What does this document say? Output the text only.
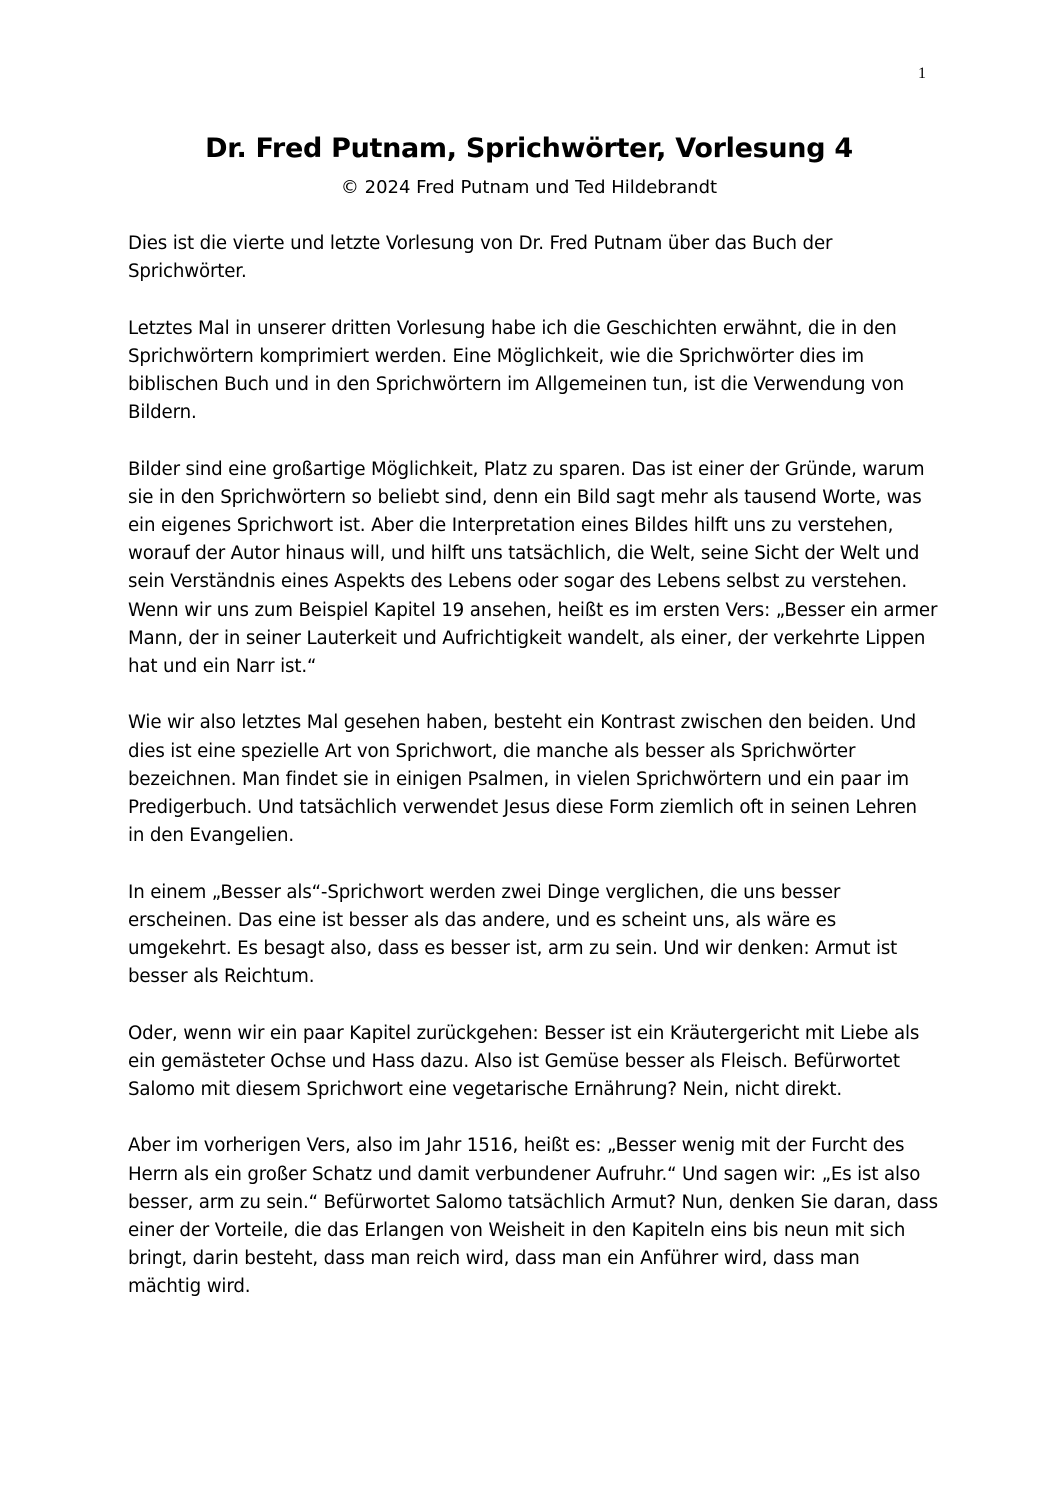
1
Dr. Fred Putnam, Sprichwörter, Vorlesung 4
© 2024 Fred Putnam und Ted Hildebrandt

Dies ist die vierte und letzte Vorlesung von Dr. Fred Putnam über das Buch der Sprichwörter.

Letztes Mal in unserer dritten Vorlesung habe ich die Geschichten erwähnt, die in den Sprichwörtern komprimiert werden. Eine Möglichkeit, wie die Sprichwörter dies im biblischen Buch und in den Sprichwörtern im Allgemeinen tun, ist die Verwendung von Bildern.

Bilder sind eine großartige Möglichkeit, Platz zu sparen. Das ist einer der Gründe, warum sie in den Sprichwörtern so beliebt sind, denn ein Bild sagt mehr als tausend Worte, was ein eigenes Sprichwort ist. Aber die Interpretation eines Bildes hilft uns zu verstehen, worauf der Autor hinaus will, und hilft uns tatsächlich, die Welt, seine Sicht der Welt und sein Verständnis eines Aspekts des Lebens oder sogar des Lebens selbst zu verstehen. Wenn wir uns zum Beispiel Kapitel 19 ansehen, heißt es im ersten Vers: „Besser ein armer Mann, der in seiner Lauterkeit und Aufrichtigkeit wandelt, als einer, der verkehrte Lippen hat und ein Narr ist.“

Wie wir also letztes Mal gesehen haben, besteht ein Kontrast zwischen den beiden. Und dies ist eine spezielle Art von Sprichwort, die manche als besser als Sprichwörter bezeichnen. Man findet sie in einigen Psalmen, in vielen Sprichwörtern und ein paar im Predigerbuch. Und tatsächlich verwendet Jesus diese Form ziemlich oft in seinen Lehren in den Evangelien.

In einem „Besser als“-Sprichwort werden zwei Dinge verglichen, die uns besser erscheinen. Das eine ist besser als das andere, und es scheint uns, als wäre es umgekehrt. Es besagt also, dass es besser ist, arm zu sein. Und wir denken: Armut ist besser als Reichtum.

Oder, wenn wir ein paar Kapitel zurückgehen: Besser ist ein Kräutergericht mit Liebe als ein gemästeter Ochse und Hass dazu. Also ist Gemüse besser als Fleisch. Befürwortet Salomo mit diesem Sprichwort eine vegetarische Ernährung? Nein, nicht direkt.

Aber im vorherigen Vers, also im Jahr 1516, heißt es: „Besser wenig mit der Furcht des Herrn als ein großer Schatz und damit verbundener Aufruhr.“ Und sagen wir: „Es ist also besser, arm zu sein.“ Befürwortet Salomo tatsächlich Armut? Nun, denken Sie daran, dass einer der Vorteile, die das Erlangen von Weisheit in den Kapiteln eins bis neun mit sich bringt, darin besteht, dass man reich wird, dass man ein Anführer wird, dass man mächtig wird.
